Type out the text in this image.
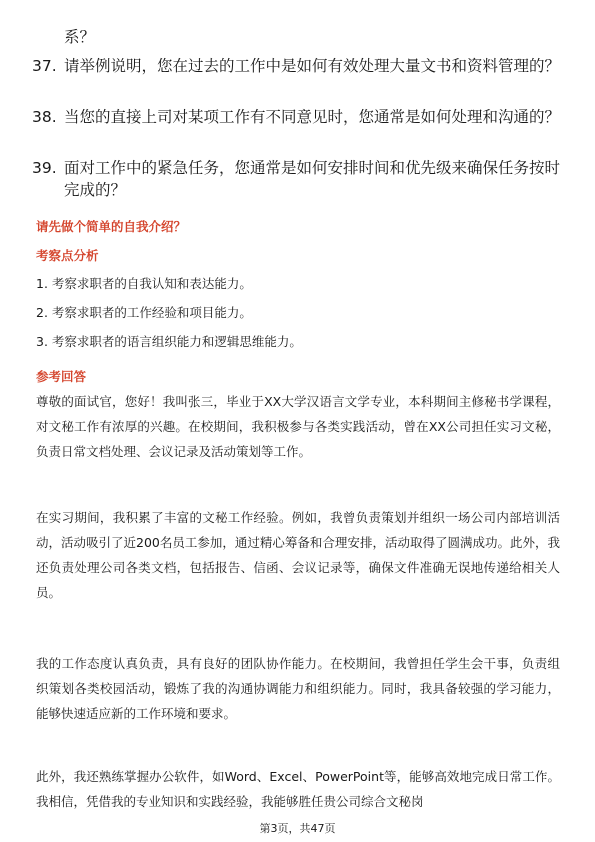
系？
37. 请举例说明，您在过去的工作中是如何有效处理大量文书和资料管理的？
38. 当您的直接上司对某项工作有不同意见时，您通常是如何处理和沟通的？
39. 面对工作中的紧急任务，您通常是如何安排时间和优先级来确保任务按时完成的？
请先做个简单的自我介绍？
考察点分析
1. 考察求职者的自我认知和表达能力。
2. 考察求职者的工作经验和项目能力。
3. 考察求职者的语言组织能力和逻辑思维能力。
参考回答
尊敬的面试官，您好！我叫张三，毕业于XX大学汉语言文学专业，本科期间主修秘书学课程，对文秘工作有浓厚的兴趣。在校期间，我积极参与各类实践活动，曾在XX公司担任实习文秘，负责日常文档处理、会议记录及活动策划等工作。
在实习期间，我积累了丰富的文秘工作经验。例如，我曾负责策划并组织一场公司内部培训活动，活动吸引了近200名员工参加，通过精心筹备和合理安排，活动取得了圆满成功。此外，我还负责处理公司各类文档，包括报告、信函、会议记录等，确保文件准确无误地传递给相关人员。
我的工作态度认真负责，具有良好的团队协作能力。在校期间，我曾担任学生会干事，负责组织策划各类校园活动，锻炼了我的沟通协调能力和组织能力。同时，我具备较强的学习能力，能够快速适应新的工作环境和要求。
此外，我还熟练掌握办公软件，如Word、Excel、PowerPoint等，能够高效地完成日常工作。我相信，凭借我的专业知识和实践经验，我能够胜任贵公司综合文秘岗
第3页，共47页
